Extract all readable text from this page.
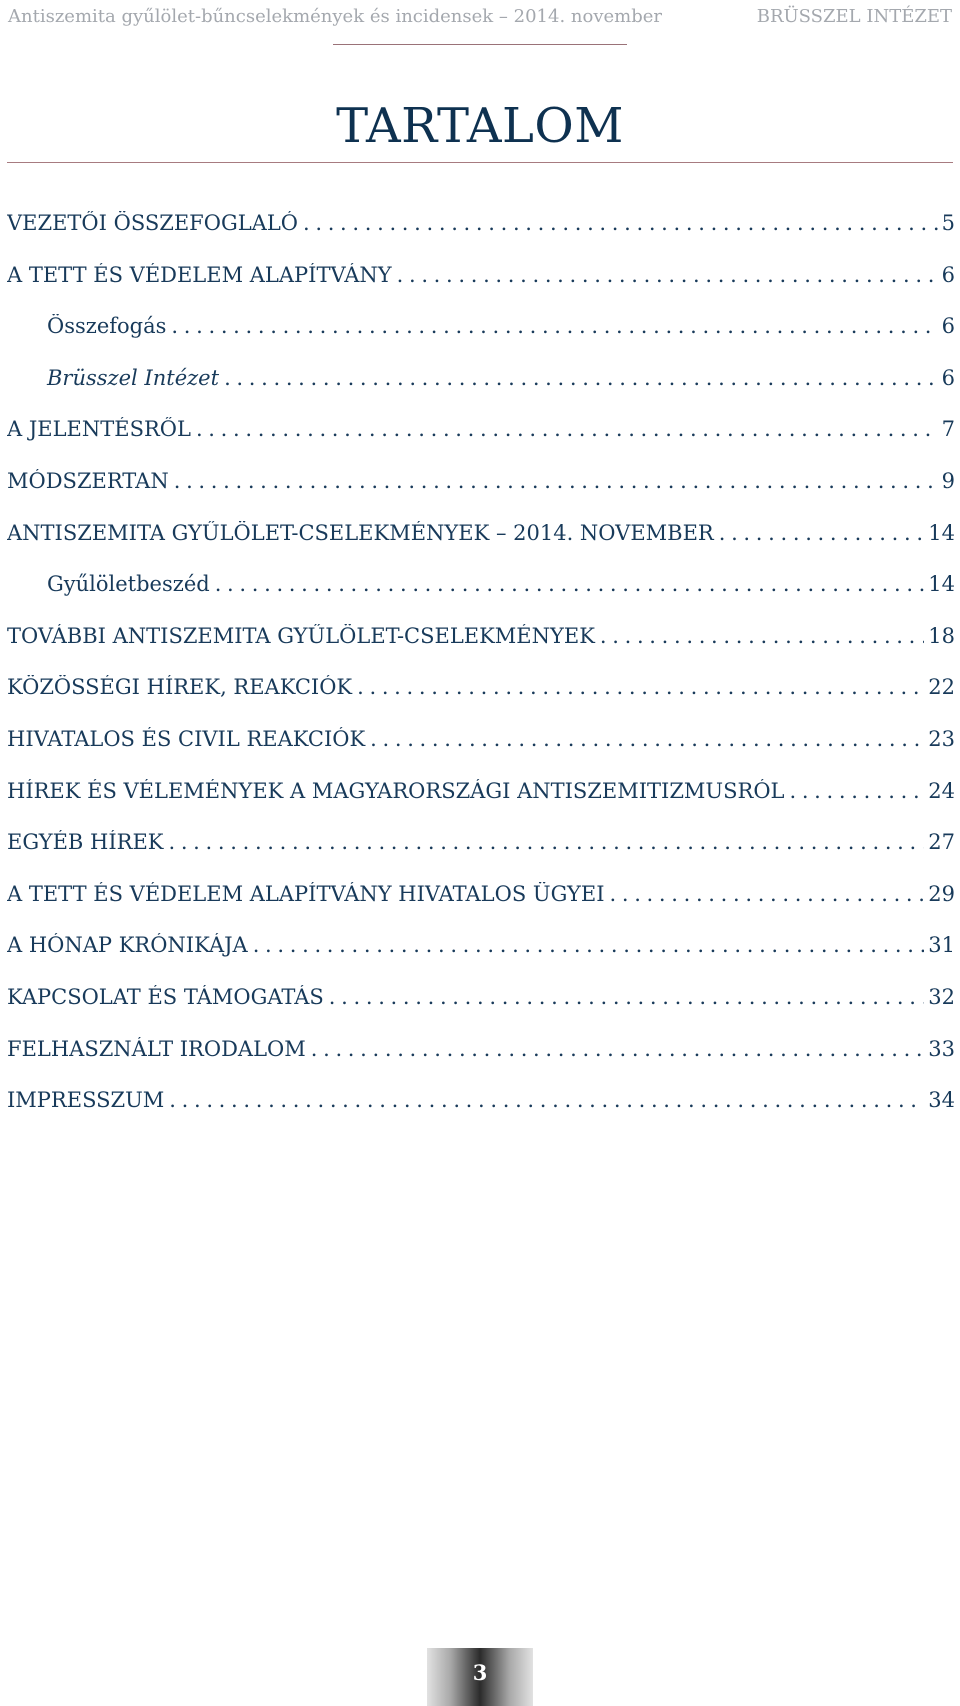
Antiszemita gyűlölet-bűncselekmények és incidensek – 2014. november	BRÜSSZEL INTÉZET
TARTALOM
VEZETŐI ÖSSZEFOGLALÓ . . .	5
A TETT ÉS VÉDELEM ALAPÍTVÁNY . . .	6
Összefogás . . .	6
Brüsszel Intézet . . .	6
A JELENTÉSRŐL . . .	7
MÓDSZERTAN . . .	9
ANTISZEMITA GYŰLÖLET-CSELEKMÉNYEK – 2014. NOVEMBER . . .	14
Gyűlöletbeszéd . . .	14
TOVÁBBI ANTISZEMITA GYŰLÖLET-CSELEKMÉNYEK . . .	18
KÖZÖSSÉGI HÍREK, REAKCIÓK . . .	22
HIVATALOS ÉS CIVIL REAKCIÓK . . .	23
HÍREK ÉS VÉLEMÉNYEK A MAGYARORSZÁGI ANTISZEMITIZMUSRÓL . . .	24
EGYÉB HÍREK . . .	27
A TETT ÉS VÉDELEM ALAPÍTVÁNY HIVATALOS ÜGYEI . . .	29
A HÓNAP KRÓNIKÁJA . . .	31
KAPCSOLAT ÉS TÁMOGATÁS . . .	32
FELHASZNÁLT IRODALOM . . .	33
IMPRESSZUM . . .	34
3
